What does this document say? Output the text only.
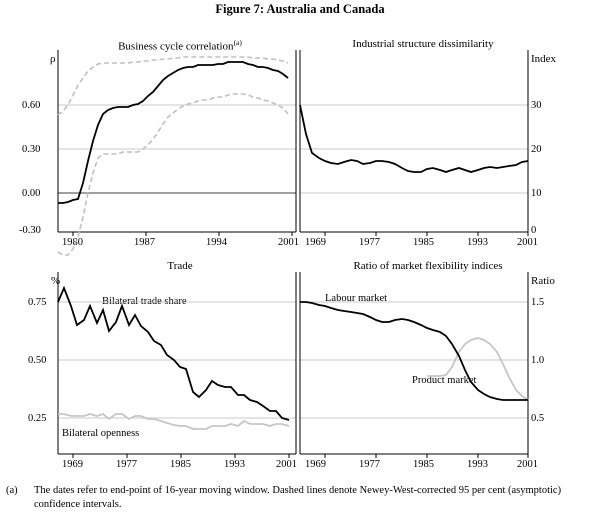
Figure 7: Australia and Canada
Business cycle correlation$^{(a)}$	Industrial structure dissimilarity
Trade	Ratio of market flexibility indices
ρ	Index
%	Ratio
0.60
0.30
0.00
-0.30
1980	1987	1994	2001
30
20
10
0
1969	1977	1985	1993	2001
0.75
0.50
0.25
1969	1977	1985	1993	2001
1.5
1.0
0.5
1969	1977	1985	1993	2001
Bilateral trade share
Bilateral openness
Labour market
Product market
(a) The dates refer to end-point of 16-year moving window. Dashed lines denote Newey-West-corrected 95 per cent (asymptotic) confidence intervals.
